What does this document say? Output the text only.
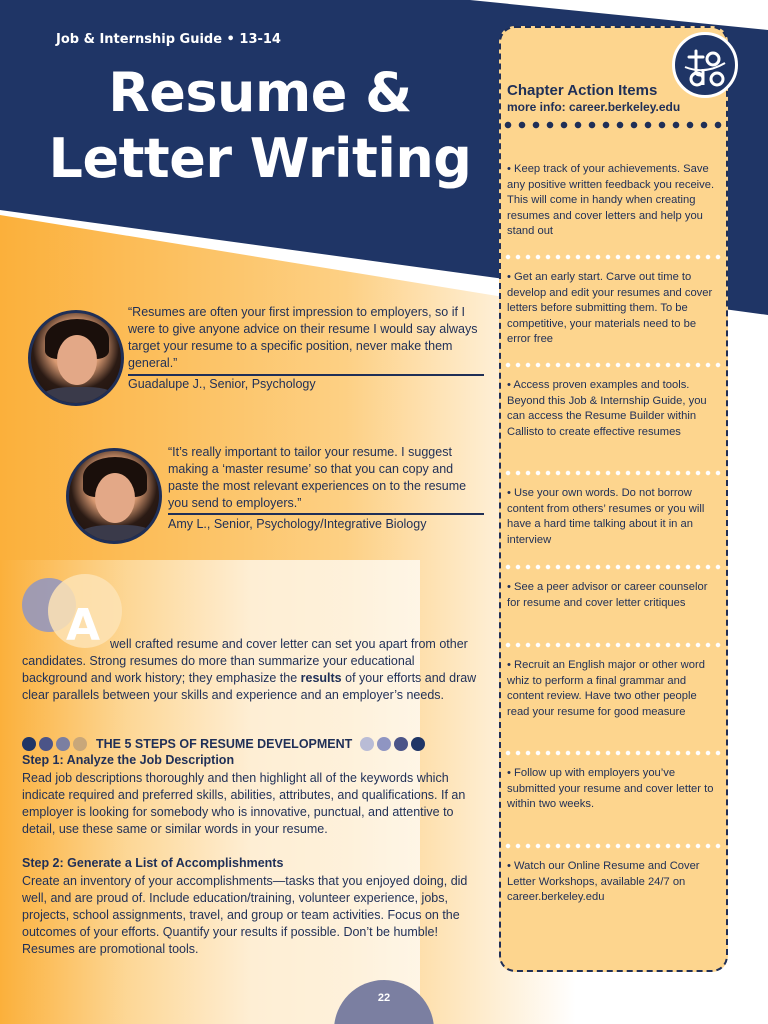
Job & Internship Guide • 13-14
Resume &
Letter Writing
“Resumes are often your first impression to employers, so if I were to give anyone advice on their resume I would say always target your resume to a specific position, never make them general.”
Guadalupe J., Senior, Psychology
“It’s really important to tailor your resume. I suggest making a ‘master resume’ so that you can copy and paste the most relevant experiences on to the resume you send to employers.”
Amy L., Senior, Psychology/Integrative Biology
A well crafted resume and cover letter can set you apart from other candidates. Strong resumes do more than summarize your educational background and work history; they emphasize the results of your efforts and draw clear parallels between your skills and experience and an employer’s needs.
THE 5 STEPS OF RESUME DEVELOPMENT
Step 1: Analyze the Job Description
Read job descriptions thoroughly and then highlight all of the keywords which indicate required and preferred skills, abilities, attributes, and qualifications. If an employer is looking for somebody who is innovative, punctual, and attentive to detail, use these same or similar words in your resume.
Step 2: Generate a List of Accomplishments
Create an inventory of your accomplishments—tasks that you enjoyed doing, did well, and are proud of. Include education/training, volunteer experience, jobs, projects, school assignments, travel, and group or team activities. Focus on the outcomes of your efforts. Quantify your results if possible. Don’t be humble! Resumes are promotional tools.
Chapter Action Items
more info: career.berkeley.edu
• Keep track of your achievements. Save any positive written feedback you receive. This will come in handy when creating resumes and cover letters and help you stand out
• Get an early start. Carve out time to develop and edit your resumes and cover letters before submitting them. To be competitive, your materials need to be error free
• Access proven examples and tools. Beyond this Job & Internship Guide, you can access the Resume Builder within Callisto to create effective resumes
• Use your own words. Do not borrow content from others’ resumes or you will have a hard time talking about it in an interview
• See a peer advisor or career counselor for resume and cover letter critiques
• Recruit an English major or other word whiz to perform a final grammar and content review. Have two other people read your resume for good measure
• Follow up with employers you’ve submitted your resume and cover letter to within two weeks.
• Watch our Online Resume and Cover Letter Workshops, available 24/7 on career.berkeley.edu
22
